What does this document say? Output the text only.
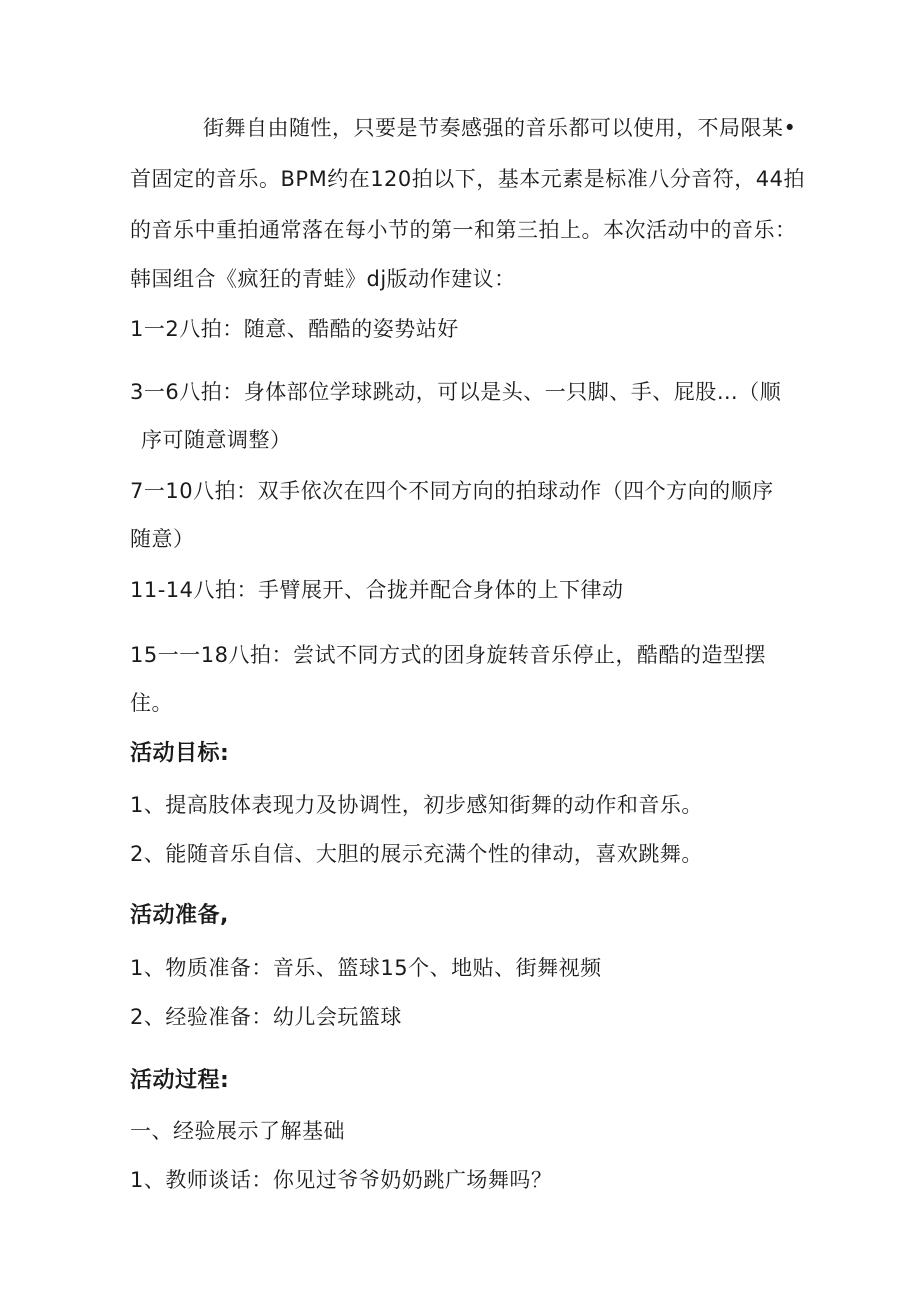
街舞自由随性，只要是节奏感强的音乐都可以使用，不局限某•
首固定的音乐。BPM约在120拍以下，基本元素是标准八分音符，44拍
的音乐中重拍通常落在每小节的第一和第三拍上。本次活动中的音乐：
韩国组合《疯狂的青蛙》dj版动作建议：
1一2八拍：随意、酷酷的姿势站好
3一6八拍：身体部位学球跳动，可以是头、一只脚、手、屁股…（顺
序可随意调整）
7一10八拍：双手依次在四个不同方向的拍球动作（四个方向的顺序
随意）
11-14八拍：手臂展开、合拢并配合身体的上下律动
15一一18八拍：尝试不同方式的团身旋转音乐停止，酷酷的造型摆
住。
活动目标:
1、提高肢体表现力及协调性，初步感知街舞的动作和音乐。
2、能随音乐自信、大胆的展示充满个性的律动，喜欢跳舞。
活动准备,
1、物质准备：音乐、篮球15个、地贴、街舞视频
2、经验准备：幼儿会玩篮球
活动过程:
一、经验展示了解基础
1、教师谈话：你见过爷爷奶奶跳广场舞吗？
